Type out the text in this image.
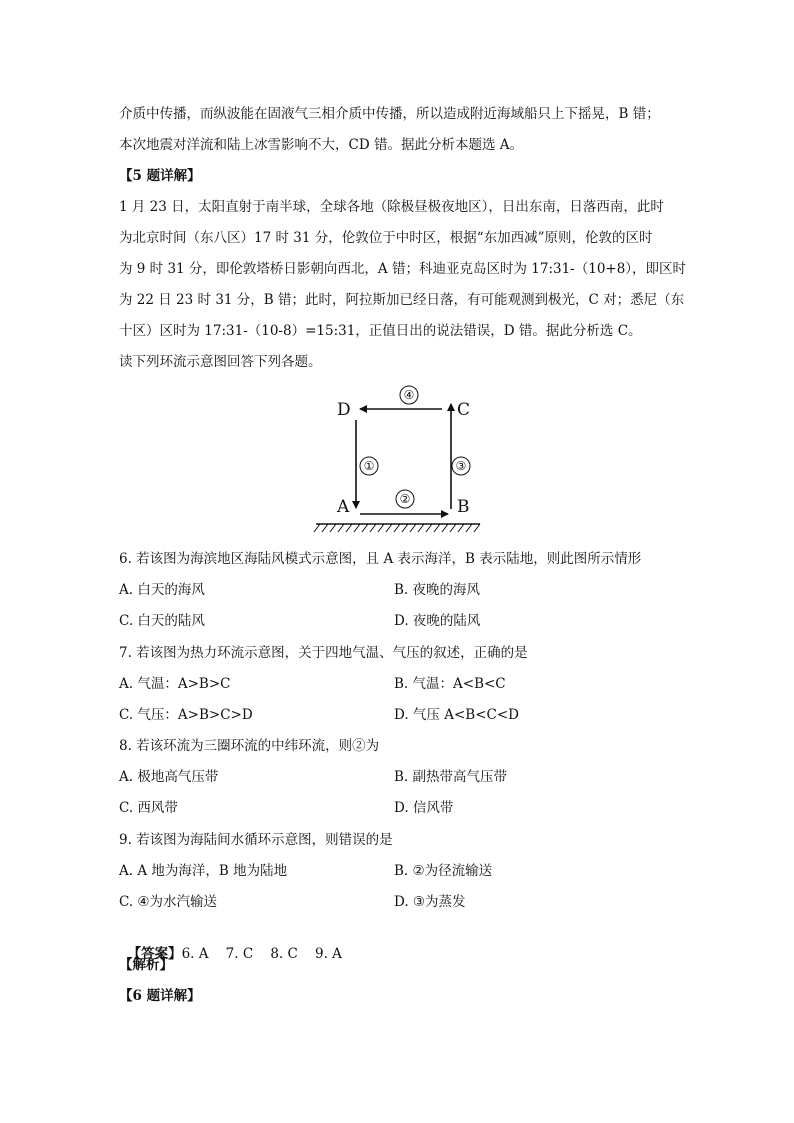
介质中传播，而纵波能在固液气三相介质中传播，所以造成附近海域船只上下摇晃，B 错；
本次地震对洋流和陆上冰雪影响不大，CD 错。据此分析本题选 A。
【5 题详解】
1 月 23 日，太阳直射于南半球，全球各地（除极昼极夜地区），日出东南，日落西南，此时
为北京时间（东八区）17 时 31 分，伦敦位于中时区，根据“东加西减”原则，伦敦的区时
为 9 时 31 分，即伦敦塔桥日影朝向西北，A 错；科迪亚克岛区时为 17:31-（10+8），即区时
为 22 日 23 时 31 分，B 错；此时，阿拉斯加已经日落，有可能观测到极光，C 对；悉尼（东
十区）区时为 17:31-（10-8）=15:31，正值日出的说法错误，D 错。据此分析选 C。
读下列环流示意图回答下列各题。
D	C
A	B
④
①	③
②
6. 若该图为海滨地区海陆风模式示意图，且 A 表示海洋，B 表示陆地，则此图所示情形
A. 白天的海风	B. 夜晚的海风
C. 白天的陆风	D. 夜晚的陆风
7. 若该图为热力环流示意图，关于四地气温、气压的叙述，正确的是
A. 气温：A>B>C	B. 气温：A<B<C
C. 气压：A>B>C>D	D. 气压 A<B<C<D
8. 若该环流为三圈环流的中纬环流，则②为
A. 极地高气压带	B. 副热带高气压带
C. 西风带	D. 信风带
9. 若该图为海陆间水循环示意图，则错误的是
A. A 地为海洋，B 地为陆地	B. ②为径流输送
C. ④为水汽输送	D. ③为蒸发

【答案】6. A    7. C    8. C    9. A

【解析】
【6 题详解】
